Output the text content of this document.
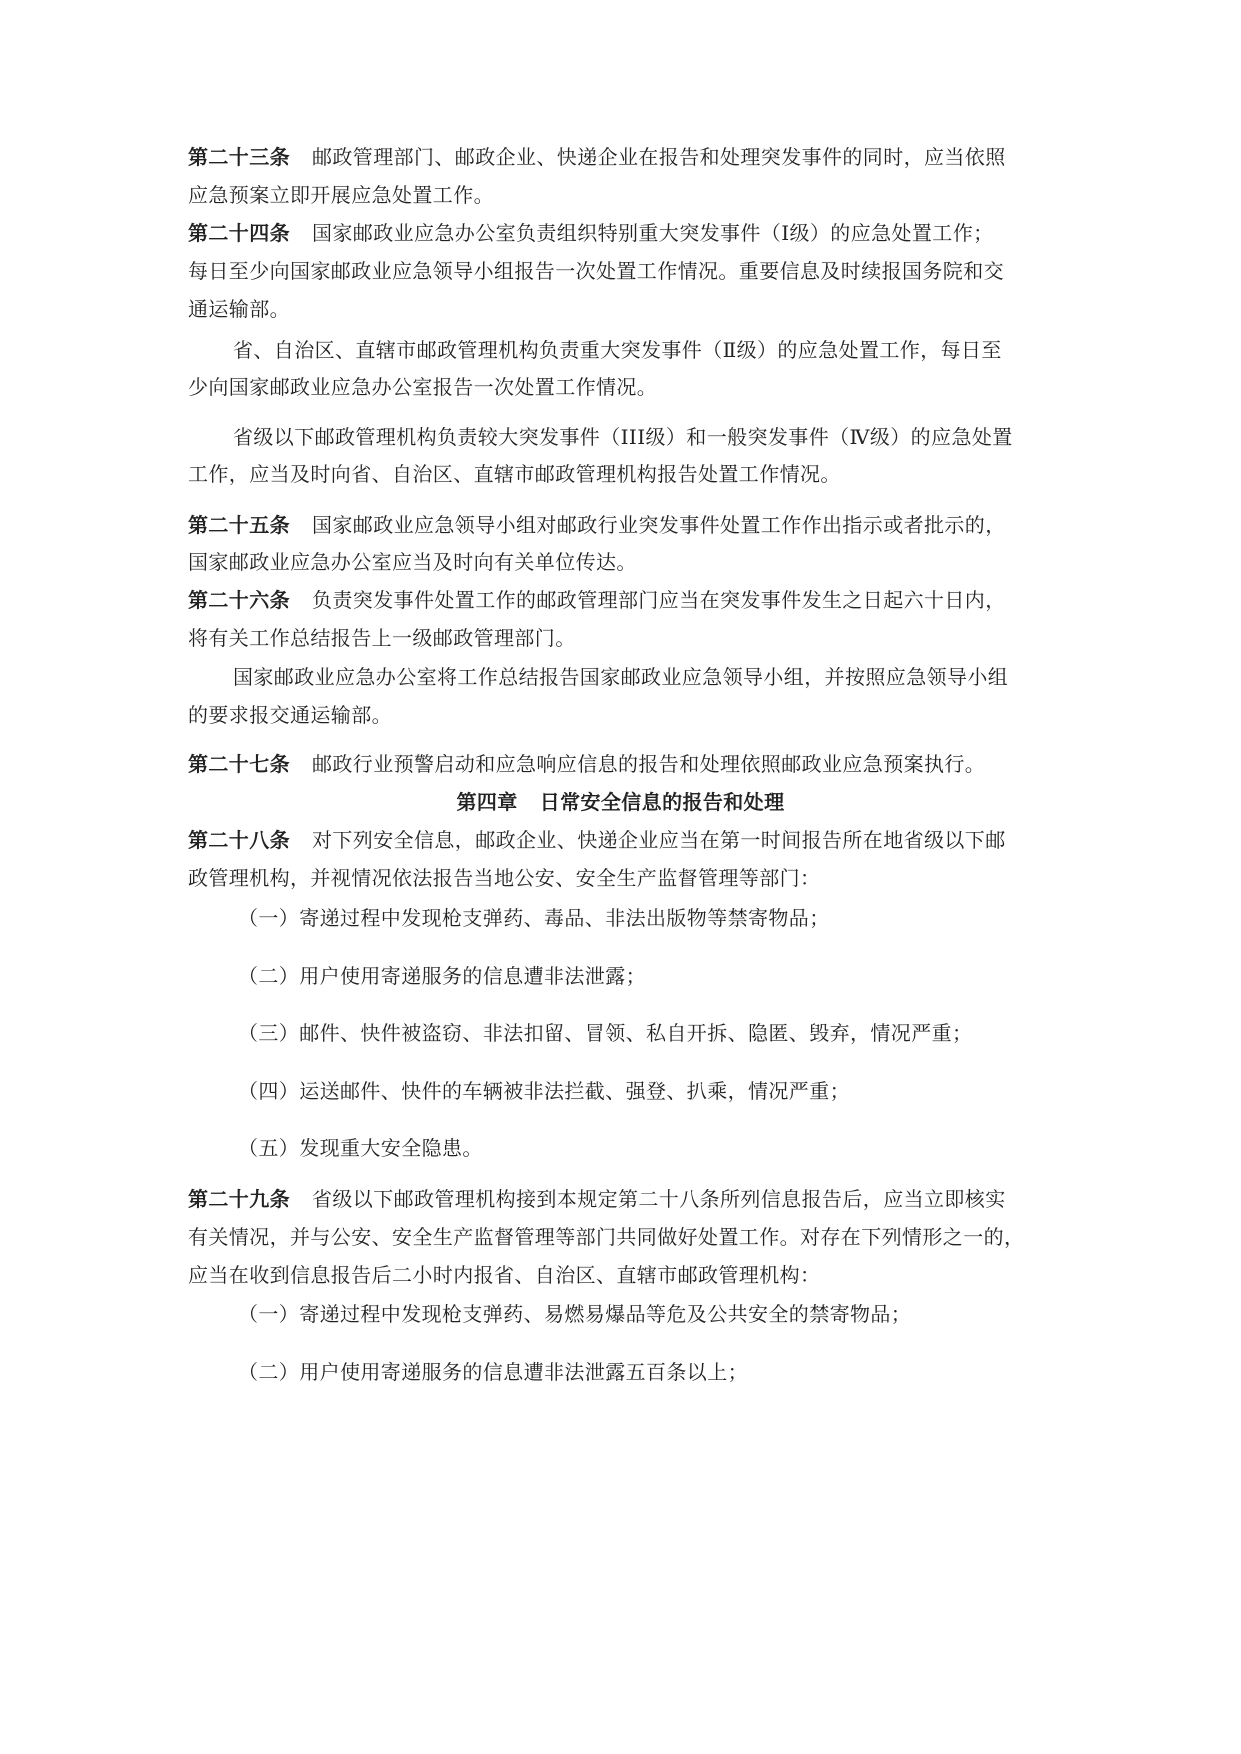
第二十三条 邮政管理部门、邮政企业、快递企业在报告和处理突发事件的同时，应当依照
应急预案立即开展应急处置工作。
第二十四条 国家邮政业应急办公室负责组织特别重大突发事件（Ⅰ级）的应急处置工作；
每日至少向国家邮政业应急领导小组报告一次处置工作情况。重要信息及时续报国务院和交
通运输部。
省、自治区、直辖市邮政管理机构负责重大突发事件（Ⅱ级）的应急处置工作，每日至
少向国家邮政业应急办公室报告一次处置工作情况。
省级以下邮政管理机构负责较大突发事件（III级）和一般突发事件（Ⅳ级）的应急处置
工作，应当及时向省、自治区、直辖市邮政管理机构报告处置工作情况。
第二十五条 国家邮政业应急领导小组对邮政行业突发事件处置工作作出指示或者批示的，
国家邮政业应急办公室应当及时向有关单位传达。
第二十六条 负责突发事件处置工作的邮政管理部门应当在突发事件发生之日起六十日内，
将有关工作总结报告上一级邮政管理部门。
国家邮政业应急办公室将工作总结报告国家邮政业应急领导小组，并按照应急领导小组
的要求报交通运输部。
第二十七条 邮政行业预警启动和应急响应信息的报告和处理依照邮政业应急预案执行。
第四章 日常安全信息的报告和处理
第二十八条 对下列安全信息，邮政企业、快递企业应当在第一时间报告所在地省级以下邮
政管理机构，并视情况依法报告当地公安、安全生产监督管理等部门：
（一）寄递过程中发现枪支弹药、毒品、非法出版物等禁寄物品；
（二）用户使用寄递服务的信息遭非法泄露；
（三）邮件、快件被盗窃、非法扣留、冒领、私自开拆、隐匿、毁弃，情况严重；
（四）运送邮件、快件的车辆被非法拦截、强登、扒乘，情况严重；
（五）发现重大安全隐患。
第二十九条 省级以下邮政管理机构接到本规定第二十八条所列信息报告后，应当立即核实
有关情况，并与公安、安全生产监督管理等部门共同做好处置工作。对存在下列情形之一的，
应当在收到信息报告后二小时内报省、自治区、直辖市邮政管理机构：
（一）寄递过程中发现枪支弹药、易燃易爆品等危及公共安全的禁寄物品；
（二）用户使用寄递服务的信息遭非法泄露五百条以上；
